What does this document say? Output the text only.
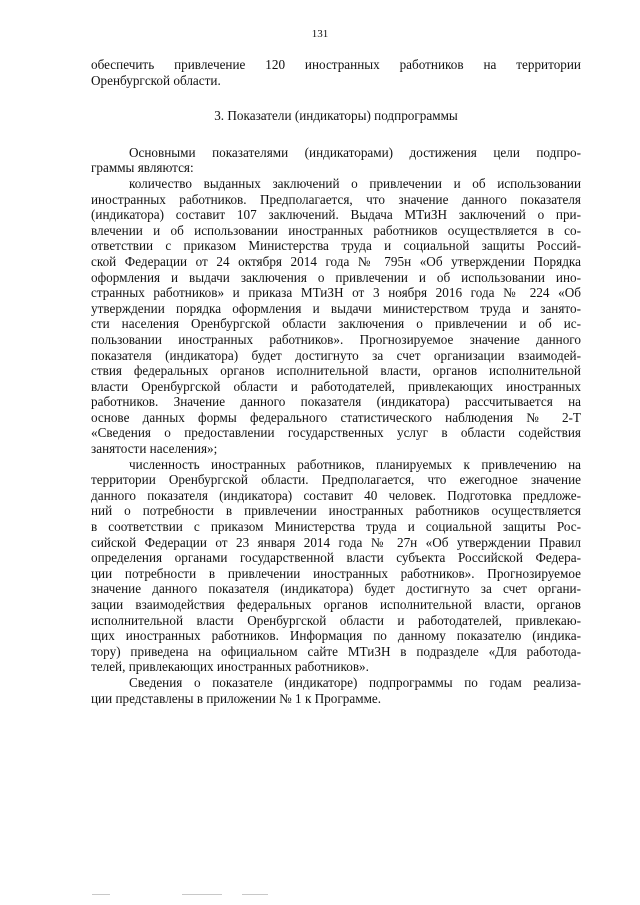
131
обеспечить привлечение 120 иностранных работников на территории
Оренбургской области.
3. Показатели (индикаторы) подпрограммы
Основными показателями (индикаторами) достижения цели подпро-
граммы являются:
количество выданных заключений о привлечении и об использовании
иностранных работников. Предполагается, что значение данного показателя
(индикатора) составит 107 заключений. Выдача МТиЗН заключений о при-
влечении и об использовании иностранных работников осуществляется в со-
ответствии с приказом Министерства труда и социальной защиты Россий-
ской Федерации от 24 октября 2014 года № 795н «Об утверждении Порядка
оформления и выдачи заключения о привлечении и об использовании ино-
странных работников» и приказа МТиЗН от 3 ноября 2016 года № 224 «Об
утверждении порядка оформления и выдачи министерством труда и занято-
сти населения Оренбургской области заключения о привлечении и об ис-
пользовании иностранных работников». Прогнозируемое значение данного
показателя (индикатора) будет достигнуто за счет организации взаимодей-
ствия федеральных органов исполнительной власти, органов исполнительной
власти Оренбургской области и работодателей, привлекающих иностранных
работников. Значение данного показателя (индикатора) рассчитывается на
основе данных формы федерального статистического наблюдения № 2-Т
«Сведения о предоставлении государственных услуг в области содействия
занятости населения»;
численность иностранных работников, планируемых к привлечению на
территории Оренбургской области. Предполагается, что ежегодное значение
данного показателя (индикатора) составит 40 человек. Подготовка предложе-
ний о потребности в привлечении иностранных работников осуществляется
в соответствии с приказом Министерства труда и социальной защиты Рос-
сийской Федерации от 23 января 2014 года № 27н «Об утверждении Правил
определения органами государственной власти субъекта Российской Федера-
ции потребности в привлечении иностранных работников». Прогнозируемое
значение данного показателя (индикатора) будет достигнуто за счет органи-
зации взаимодействия федеральных органов исполнительной власти, органов
исполнительной власти Оренбургской области и работодателей, привлекаю-
щих иностранных работников. Информация по данному показателю (индика-
тору) приведена на официальном сайте МТиЗН в подразделе «Для работода-
телей, привлекающих иностранных работников».
Сведения о показателе (индикаторе) подпрограммы по годам реализа-
ции представлены в приложении № 1 к Программе.
